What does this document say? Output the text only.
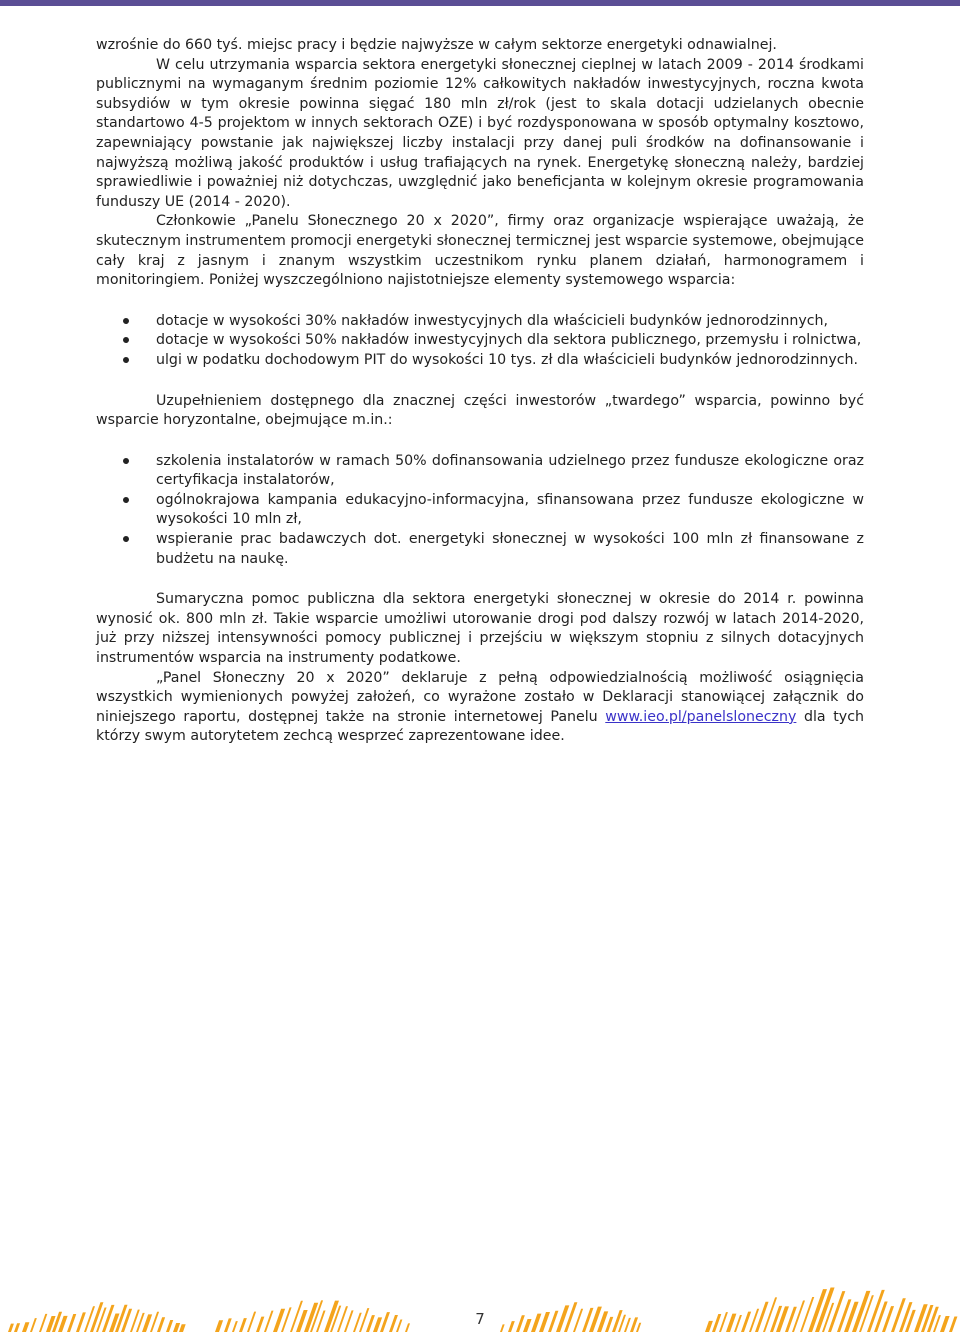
wzrośnie do 660 tyś. miejsc pracy i będzie najwyższe w całym sektorze energetyki odnawialnej.

W celu utrzymania wsparcia sektora energetyki słonecznej cieplnej w latach 2009 - 2014 środkami publicznymi na wymaganym średnim poziomie 12% całkowitych nakładów inwestycyjnych, roczna kwota subsydiów w tym okresie powinna sięgać 180 mln zł/rok (jest to skala dotacji udzielanych obecnie standartowo 4-5 projektom w innych sektorach OZE) i być rozdysponowana w sposób optymalny kosztowo, zapewniający powstanie jak największej liczby instalacji przy danej puli środków na dofinansowanie i najwyższą możliwą jakość produktów i usług trafiających na rynek. Energetykę słoneczną należy, bardziej sprawiedliwie i poważniej niż dotychczas, uwzględnić jako beneficjanta w kolejnym okresie programowania funduszy UE (2014 - 2020).

Członkowie „Panelu Słonecznego 20 x 2020”, firmy oraz organizacje wspierające uważają, że skutecznym instrumentem promocji energetyki słonecznej termicznej jest wsparcie systemowe, obejmujące cały kraj z jasnym i znanym wszystkim uczestnikom rynku planem działań, harmonogramem i monitoringiem. Poniżej wyszczególniono najistotniejsze elementy systemowego wsparcia:

dotacje w wysokości 30% nakładów inwestycyjnych dla właścicieli budynków jednorodzinnych,
dotacje w wysokości 50% nakładów inwestycyjnych dla sektora publicznego, przemysłu i rolnictwa,
ulgi w podatku dochodowym PIT do wysokości 10 tys. zł dla właścicieli budynków jednorodzinnych.

Uzupełnieniem dostępnego dla znacznej części inwestorów „twardego” wsparcia, powinno być wsparcie horyzontalne, obejmujące m.in.:

szkolenia instalatorów w ramach 50% dofinansowania udzielnego przez fundusze ekologiczne oraz certyfikacja instalatorów,
ogólnokrajowa kampania edukacyjno-informacyjna, sfinansowana przez fundusze ekologiczne w wysokości 10 mln zł,
wspieranie prac badawczych dot. energetyki słonecznej w wysokości 100 mln zł finansowane z budżetu na naukę.

Sumaryczna pomoc publiczna dla sektora energetyki słonecznej w okresie do 2014 r. powinna wynosić ok. 800 mln zł. Takie wsparcie umożliwi utorowanie drogi pod dalszy rozwój w latach 2014-2020, już przy niższej intensywności pomocy publicznej i przejściu w większym stopniu z silnych dotacyjnych instrumentów wsparcia na instrumenty podatkowe.

„Panel Słoneczny 20 x 2020” deklaruje z pełną odpowiedzialnością możliwość osiągnięcia wszystkich wymienionych powyżej założeń, co wyrażone zostało w Deklaracji stanowiącej załącznik do niniejszego raportu, dostępnej także na stronie internetowej Panelu www.ieo.pl/panelsloneczny dla tych którzy swym autorytetem zechcą wesprzeć zaprezentowane idee.

7
